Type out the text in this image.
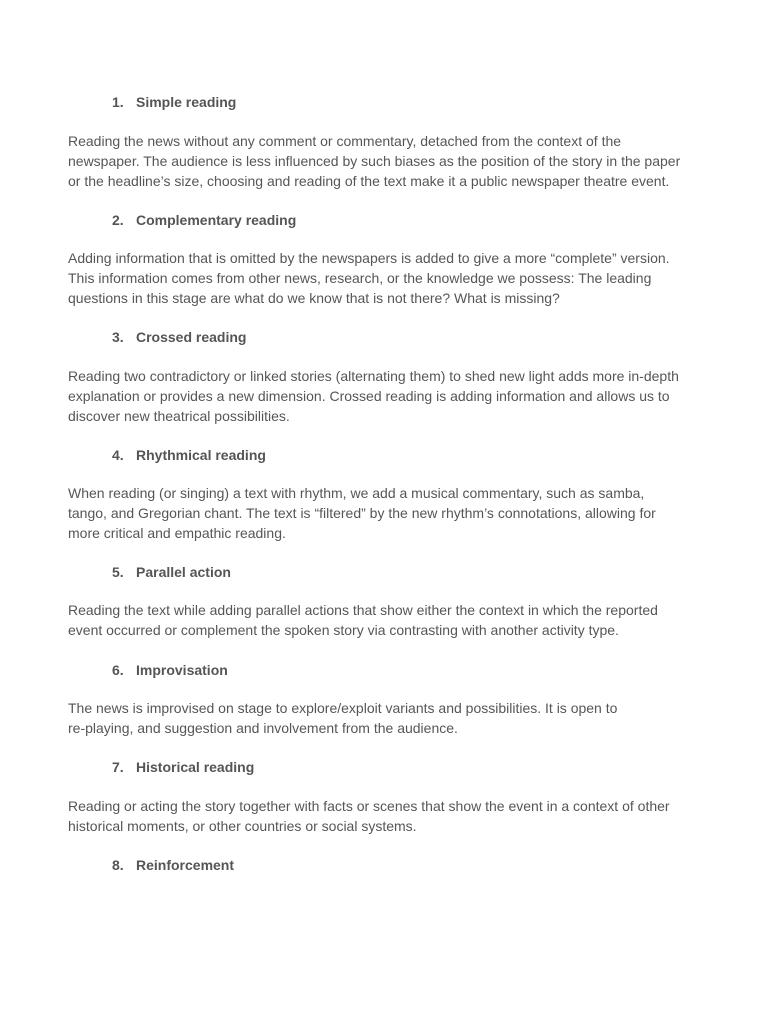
1. Simple reading

Reading the news without any comment or commentary, detached from the context of the
newspaper. The audience is less influenced by such biases as the position of the story in the paper
or the headline’s size, choosing and reading of the text make it a public newspaper theatre event.

2. Complementary reading

Adding information that is omitted by the newspapers is added to give a more “complete” version.
This information comes from other news, research, or the knowledge we possess: The leading
questions in this stage are what do we know that is not there? What is missing?

3. Crossed reading

Reading two contradictory or linked stories (alternating them) to shed new light adds more in-depth
explanation or provides a new dimension. Crossed reading is adding information and allows us to
discover new theatrical possibilities.

4. Rhythmical reading

When reading (or singing) a text with rhythm, we add a musical commentary, such as samba,
tango, and Gregorian chant. The text is “filtered” by the new rhythm’s connotations, allowing for
more critical and empathic reading.

5. Parallel action

Reading the text while adding parallel actions that show either the context in which the reported
event occurred or complement the spoken story via contrasting with another activity type.

6. Improvisation

The news is improvised on stage to explore/exploit variants and possibilities. It is open to
re-playing, and suggestion and involvement from the audience.

7. Historical reading

Reading or acting the story together with facts or scenes that show the event in a context of other
historical moments, or other countries or social systems.

8. Reinforcement
